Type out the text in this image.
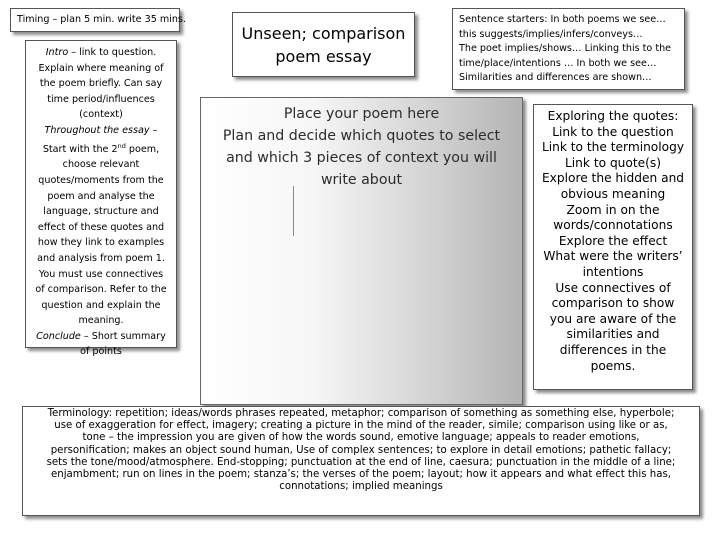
Timing – plan 5 min. write 35 mins.
Intro – link to question.
Explain where meaning of
the poem briefly. Can say
time period/influences
(context)
Throughout the essay –
Start with the 2nd poem,
choose relevant
quotes/moments from the
poem and analyse the
language, structure and
effect of these quotes and
how they link to examples
and analysis from poem 1.
You must use connectives
of comparison. Refer to the
question and explain the
meaning.
Conclude – Short summary
of points
Unseen; comparison
poem essay
Sentence starters: In both poems we see…
this suggests/implies/infers/conveys…
The poet implies/shows… Linking this to the
time/place/intentions … In both we see…
Similarities and differences are shown…
Place your poem here
Plan and decide which quotes to select
and which 3 pieces of context you will
write about
Exploring the quotes:
Link to the question
Link to the terminology
Link to quote(s)
Explore the hidden and
obvious meaning
Zoom in on the
words/connotations
Explore the effect
What were the writers’
intentions
Use connectives of
comparison to show
you are aware of the
similarities and
differences in the
poems.
Terminology: repetition; ideas/words phrases repeated, metaphor; comparison of something as something else, hyperbole;
use of exaggeration for effect, imagery; creating a picture in the mind of the reader, simile; comparison using like or as,
tone – the impression you are given of how the words sound, emotive language; appeals to reader emotions,
personification; makes an object sound human, Use of complex sentences; to explore in detail emotions; pathetic fallacy;
sets the tone/mood/atmosphere. End-stopping; punctuation at the end of line, caesura; punctuation in the middle of a line;
enjambment; run on lines in the poem; stanza’s; the verses of the poem; layout; how it appears and what effect this has,
connotations; implied meanings
